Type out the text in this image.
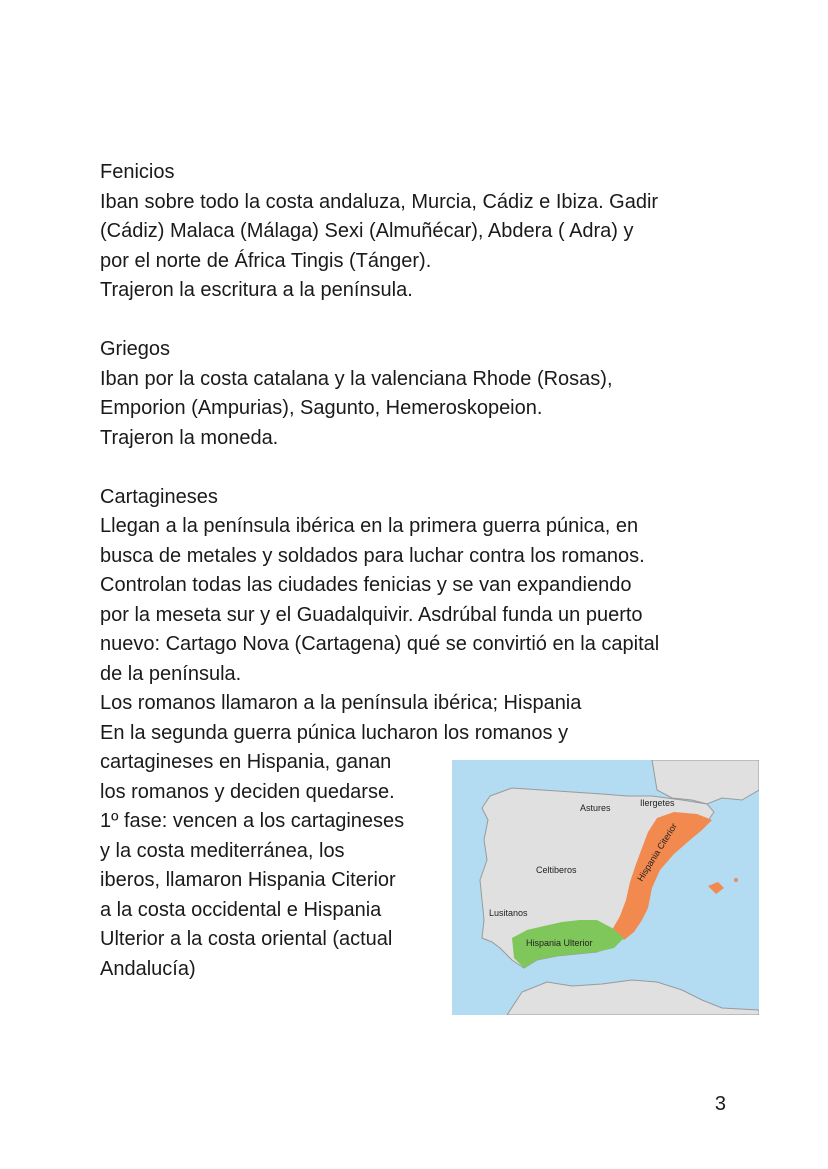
Fenicios
Iban sobre todo la costa andaluza, Murcia, Cádiz e Ibiza. Gadir
(Cádiz) Malaca (Málaga) Sexi (Almuñécar), Abdera ( Adra) y
por el norte de África Tingis (Tánger).
Trajeron la escritura a la península.
Griegos
Iban por la costa catalana y la valenciana Rhode (Rosas),
Emporion (Ampurias), Sagunto, Hemeroskopeion.
Trajeron la moneda.
Cartagineses
Llegan a la península ibérica en la primera guerra púnica, en
busca de metales y soldados para luchar contra los romanos.
Controlan todas las ciudades fenicias y se van expandiendo
por la meseta sur y el Guadalquivir. Asdrúbal funda un puerto
nuevo: Cartago Nova (Cartagena) qué se convirtió en la capital
de la península.
Los romanos llamaron a la península ibérica; Hispania
En la segunda guerra púnica lucharon los romanos y
cartagineses en Hispania, ganan
los romanos y deciden quedarse.
1º fase: vencen a los cartagineses
y la costa mediterránea, los
iberos, llamaron Hispania Citerior
a la costa occidental e Hispania
Ulterior a la costa oriental (actual
Andalucía)
Astures	Ilergetes
Celtiberos
Lusitanos
Hispania Ulterior
Hispania Citerior
3
